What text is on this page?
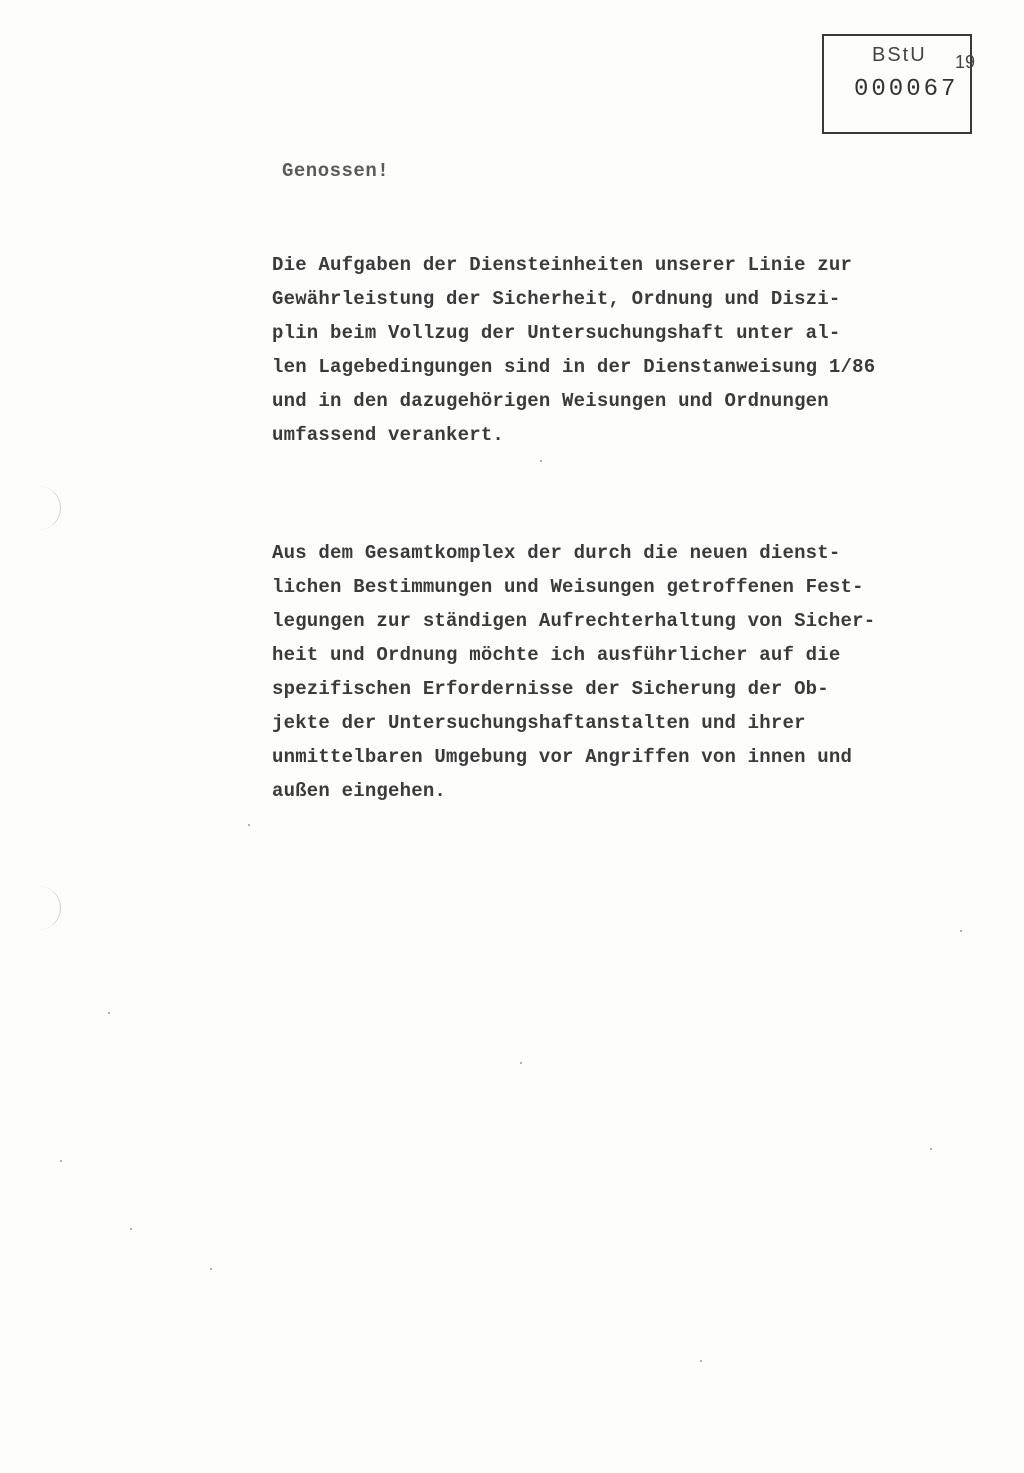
BStU
000067
19
Genossen!

Die Aufgaben der Diensteinheiten unserer Linie zur
Gewährleistung der Sicherheit, Ordnung und Diszi-
plin beim Vollzug der Untersuchungshaft unter al-
len Lagebedingungen sind in der Dienstanweisung 1/86
und in den dazugehörigen Weisungen und Ordnungen
umfassend verankert.

Aus dem Gesamtkomplex der durch die neuen dienst-
lichen Bestimmungen und Weisungen getroffenen Fest-
legungen zur ständigen Aufrechterhaltung von Sicher-
heit und Ordnung möchte ich ausführlicher auf die
spezifischen Erfordernisse der Sicherung der Ob-
jekte der Untersuchungshaftanstalten und ihrer
unmittelbaren Umgebung vor Angriffen von innen und
außen eingehen.
